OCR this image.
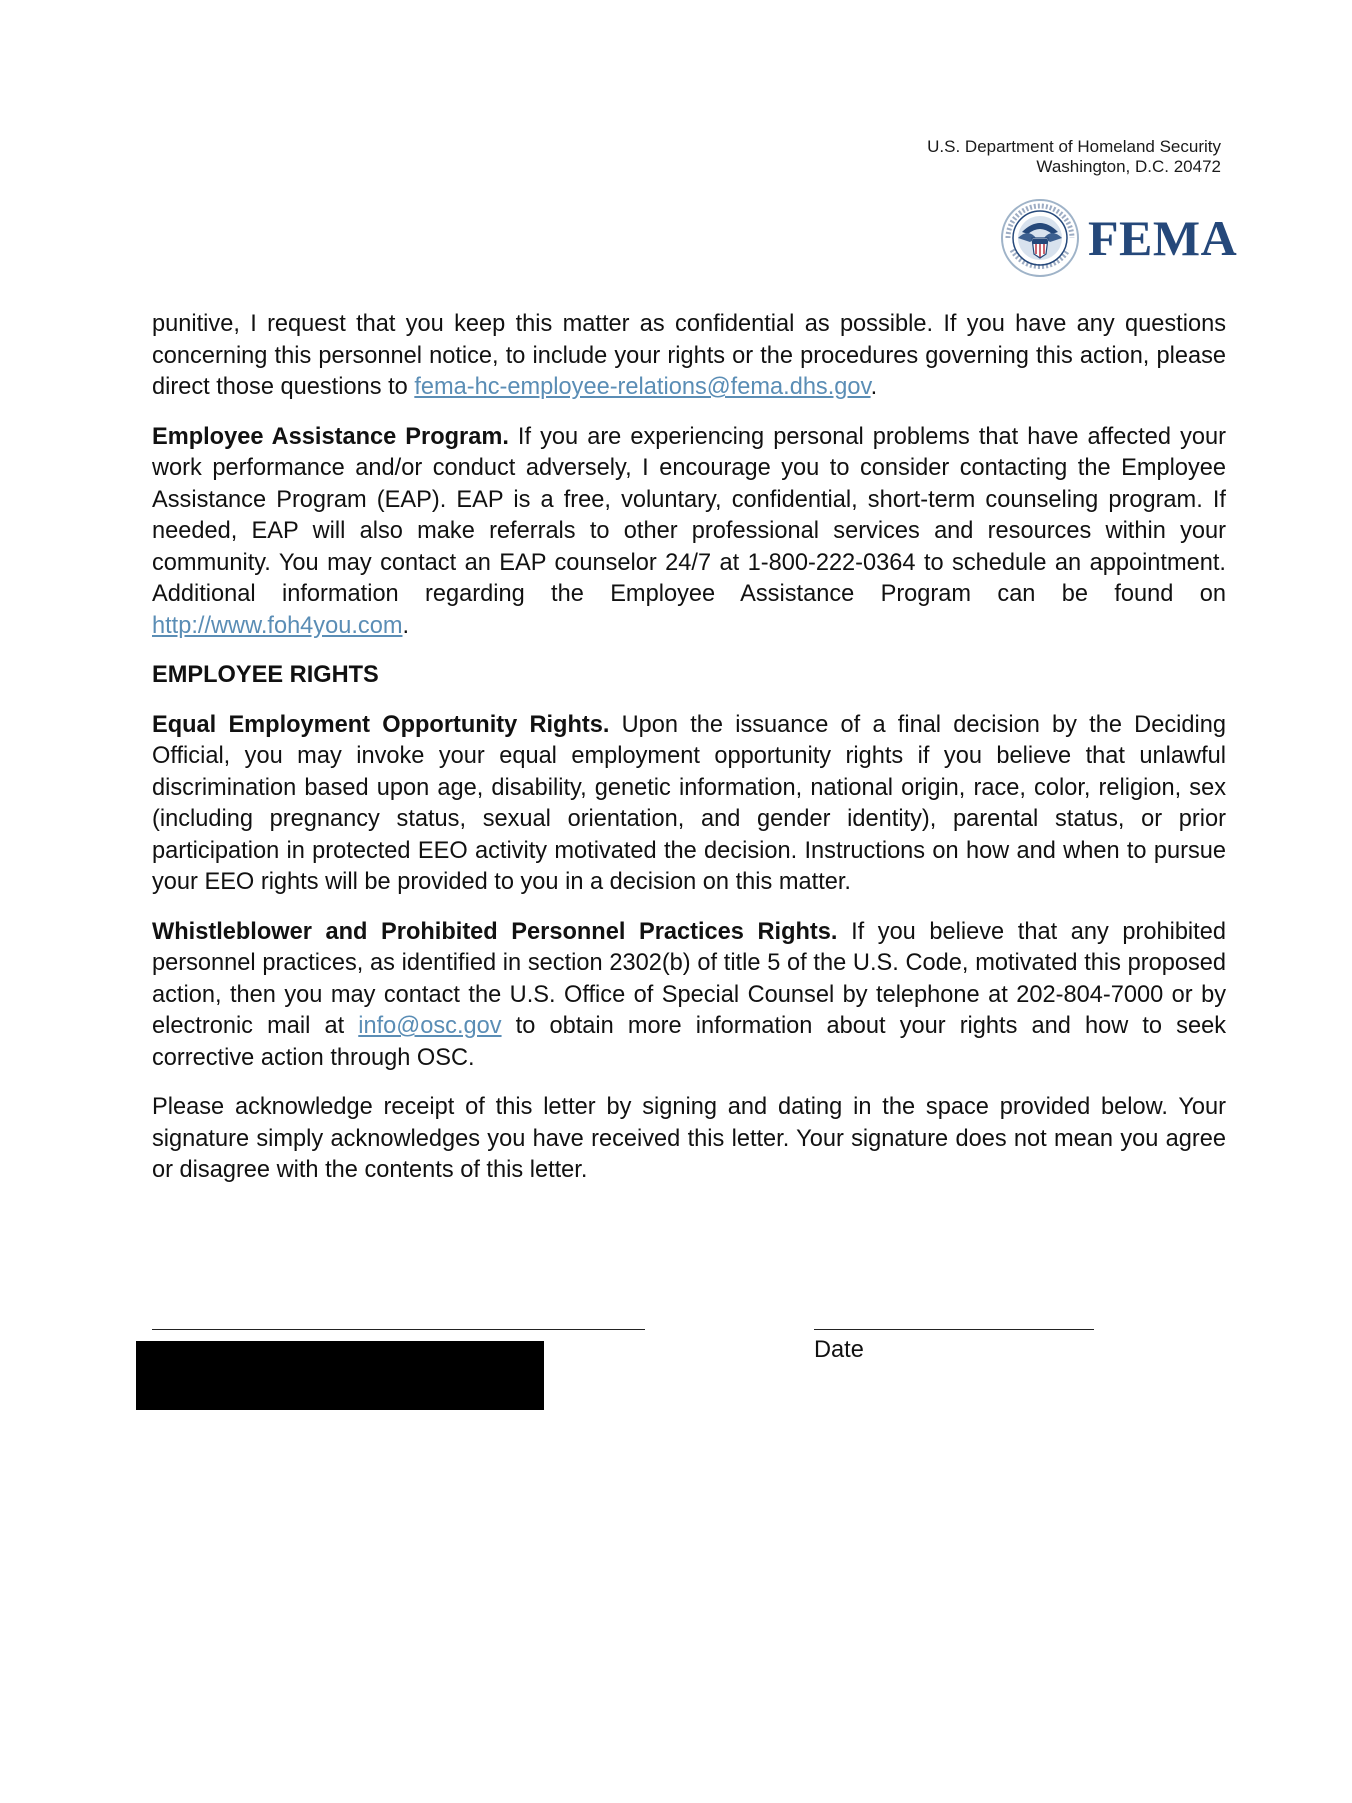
U.S. Department of Homeland Security
Washington, D.C. 20472
FEMA

punitive, I request that you keep this matter as confidential as possible. If you have any questions concerning this personnel notice, to include your rights or the procedures governing this action, please direct those questions to fema-hc-employee-relations@fema.dhs.gov.

Employee Assistance Program. If you are experiencing personal problems that have affected your work performance and/or conduct adversely, I encourage you to consider contacting the Employee Assistance Program (EAP). EAP is a free, voluntary, confidential, short-term counseling program. If needed, EAP will also make referrals to other professional services and resources within your community. You may contact an EAP counselor 24/7 at 1-800-222-0364 to schedule an appointment. Additional information regarding the Employee Assistance Program can be found on http://www.foh4you.com.

EMPLOYEE RIGHTS

Equal Employment Opportunity Rights. Upon the issuance of a final decision by the Deciding Official, you may invoke your equal employment opportunity rights if you believe that unlawful discrimination based upon age, disability, genetic information, national origin, race, color, religion, sex (including pregnancy status, sexual orientation, and gender identity), parental status, or prior participation in protected EEO activity motivated the decision. Instructions on how and when to pursue your EEO rights will be provided to you in a decision on this matter.

Whistleblower and Prohibited Personnel Practices Rights. If you believe that any prohibited personnel practices, as identified in section 2302(b) of title 5 of the U.S. Code, motivated this proposed action, then you may contact the U.S. Office of Special Counsel by telephone at 202-804-7000 or by electronic mail at info@osc.gov to obtain more information about your rights and how to seek corrective action through OSC.

Please acknowledge receipt of this letter by signing and dating in the space provided below. Your signature simply acknowledges you have received this letter. Your signature does not mean you agree or disagree with the contents of this letter.

Date
